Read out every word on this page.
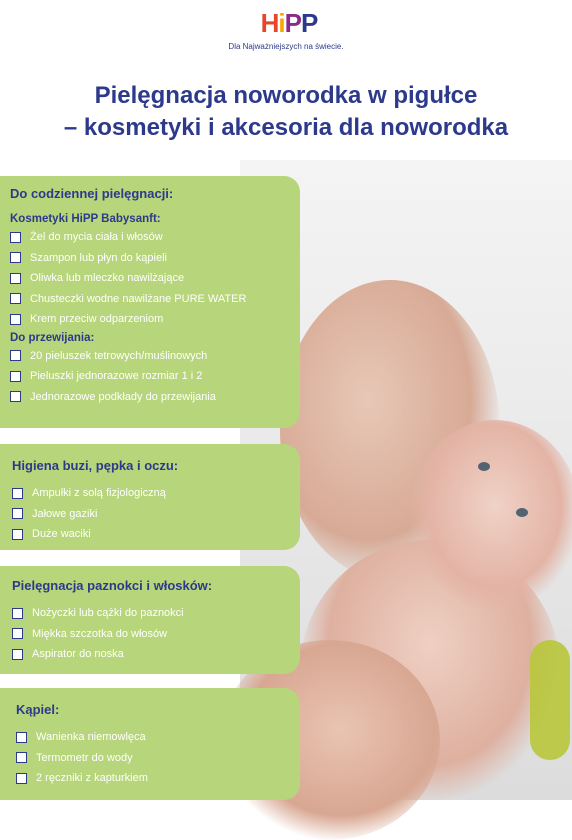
HiPP
Dla Najważniejszych na świecie.
Pielęgnacja noworodka w pigułce
– kosmetyki i akcesoria dla noworodka
Do codziennej pielęgnacji:
Kosmetyki HiPP Babysanft:
Żel do mycia ciała i włosów
Szampon lub płyn do kąpieli
Oliwka lub mleczko nawilżające
Chusteczki wodne nawilżane PURE WATER
Krem przeciw odparzeniom
Do przewijania:
20 pieluszek tetrowych/muślinowych
Pieluszki jednorazowe rozmiar 1 i 2
Jednorazowe podkłady do przewijania
Higiena buzi, pępka i oczu:
Ampułki z solą fizjologiczną
Jałowe gaziki
Duże waciki
Pielęgnacja paznokci i włosków:
Nożyczki lub cążki do paznokci
Miękka szczotka do włosów
Aspirator do noska
Kąpiel:
Wanienka niemowlęca
Termometr do wody
2 ręczniki z kapturkiem
